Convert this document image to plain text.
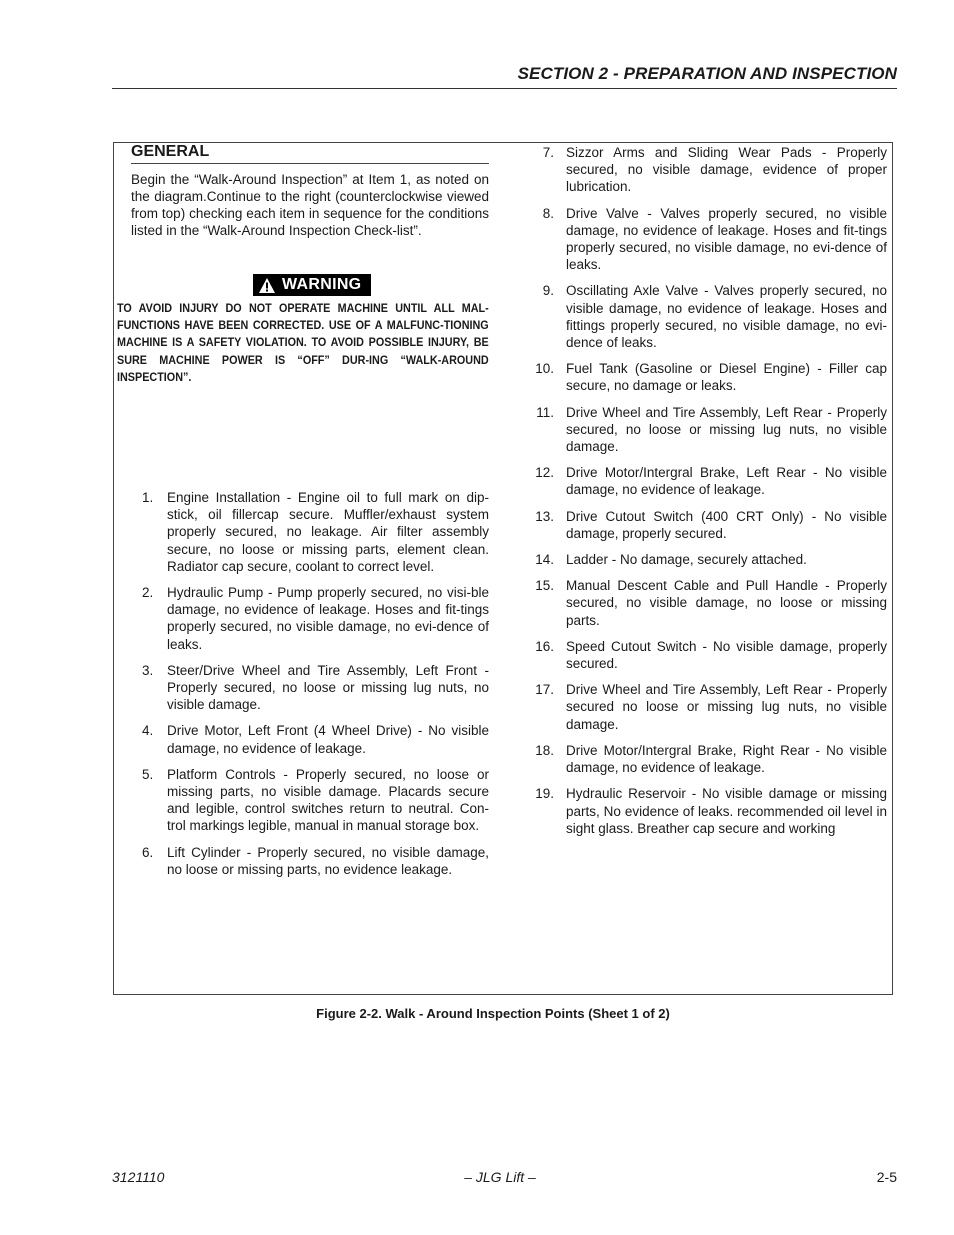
SECTION 2 - PREPARATION AND INSPECTION
GENERAL

Begin the “Walk-Around Inspection” at Item 1, as noted on the diagram.Continue to the right (counterclockwise viewed from top) checking each item in sequence for the conditions listed in the “Walk-Around Inspection Check-list”.

WARNING
TO AVOID INJURY DO NOT OPERATE MACHINE UNTIL ALL MAL-FUNCTIONS HAVE BEEN CORRECTED. USE OF A MALFUNC-TIONING MACHINE IS A SAFETY VIOLATION. TO AVOID POSSIBLE INJURY, BE SURE MACHINE POWER IS “OFF” DUR-ING “WALK-AROUND INSPECTION”.
1. Engine Installation - Engine oil to full mark on dip-stick, oil fillercap secure. Muffler/exhaust system properly secured, no leakage. Air filter assembly secure, no loose or missing parts, element clean. Radiator cap secure, coolant to correct level.
2. Hydraulic Pump - Pump properly secured, no visi-ble damage, no evidence of leakage. Hoses and fit-tings properly secured, no visible damage, no evi-dence of leaks.
3. Steer/Drive Wheel and Tire Assembly, Left Front - Properly secured, no loose or missing lug nuts, no visible damage.
4. Drive Motor, Left Front (4 Wheel Drive) - No visible damage, no evidence of leakage.
5. Platform Controls - Properly secured, no loose or missing parts, no visible damage. Placards secure and legible, control switches return to neutral. Con-trol markings legible, manual in manual storage box.
6. Lift Cylinder - Properly secured, no visible damage, no loose or missing parts, no evidence leakage.
7. Sizzor Arms and Sliding Wear Pads - Properly secured, no visible damage, evidence of proper lubrication.
8. Drive Valve - Valves properly secured, no visible damage, no evidence of leakage. Hoses and fit-tings properly secured, no visible damage, no evi-dence of leaks.
9. Oscillating Axle Valve - Valves properly secured, no visible damage, no evidence of leakage. Hoses and fittings properly secured, no visible damage, no evi-dence of leaks.
10. Fuel Tank (Gasoline or Diesel Engine) - Filler cap secure, no damage or leaks.
11. Drive Wheel and Tire Assembly, Left Rear - Properly secured, no loose or missing lug nuts, no visible damage.
12. Drive Motor/Intergral Brake, Left Rear - No visible damage, no evidence of leakage.
13. Drive Cutout Switch (400 CRT Only) - No visible damage, properly secured.
14. Ladder - No damage, securely attached.
15. Manual Descent Cable and Pull Handle - Properly secured, no visible damage, no loose or missing parts.
16. Speed Cutout Switch - No visible damage, properly secured.
17. Drive Wheel and Tire Assembly, Left Rear - Properly secured no loose or missing lug nuts, no visible damage.
18. Drive Motor/Intergral Brake, Right Rear - No visible damage, no evidence of leakage.
19. Hydraulic Reservoir - No visible damage or missing parts, No evidence of leaks. recommended oil level in sight glass. Breather cap secure and working
Figure 2-2. Walk - Around Inspection Points (Sheet 1 of 2)
3121110	– JLG Lift –	2-5
